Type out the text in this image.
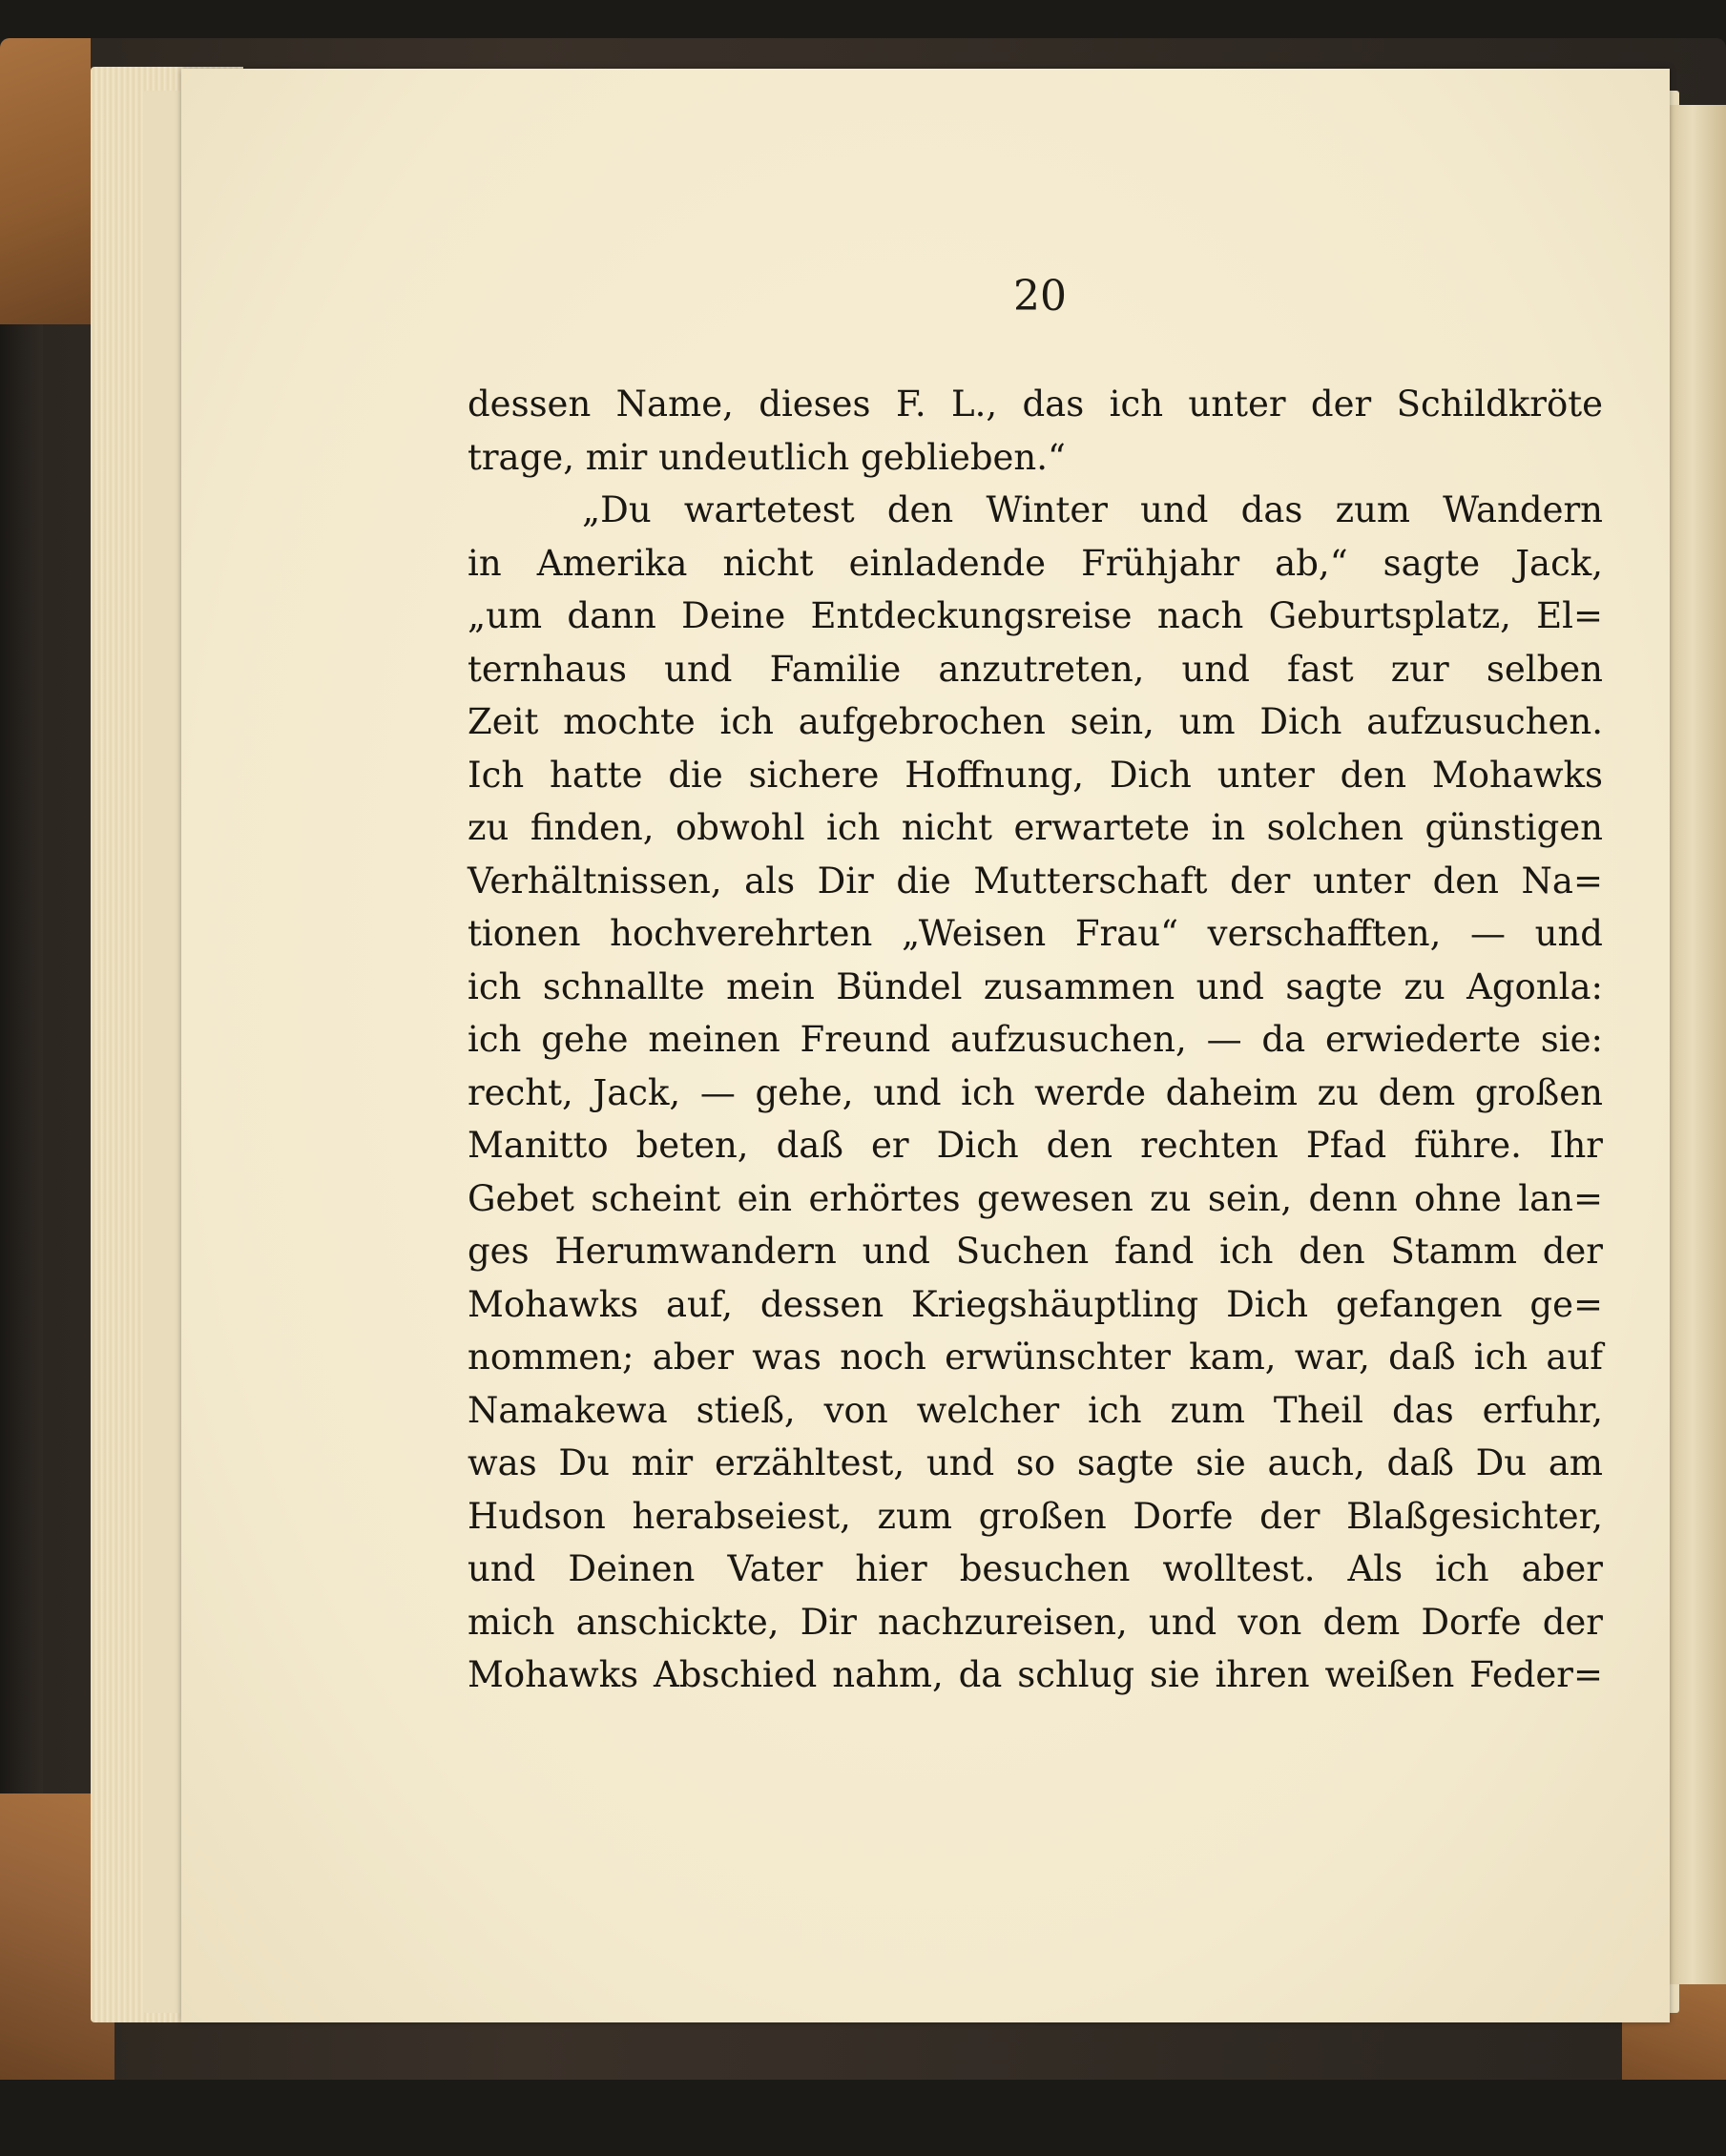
20
dessen Name, dieses F. L., das ich unter der Schildkröte
trage, mir undeutlich geblieben.“
„Du wartetest den Winter und das zum Wandern
in Amerika nicht einladende Frühjahr ab,“ sagte Jack,
„um dann Deine Entdeckungsreise nach Geburtsplatz, El=
ternhaus und Familie anzutreten, und fast zur selben
Zeit mochte ich aufgebrochen sein, um Dich aufzusuchen.
Ich hatte die sichere Hoffnung, Dich unter den Mohawks
zu finden, obwohl ich nicht erwartete in solchen günstigen
Verhältnissen, als Dir die Mutterschaft der unter den Na=
tionen hochverehrten „Weisen Frau“ verschafften, — und
ich schnallte mein Bündel zusammen und sagte zu Agonla:
ich gehe meinen Freund aufzusuchen, — da erwiederte sie:
recht, Jack, — gehe, und ich werde daheim zu dem großen
Manitto beten, daß er Dich den rechten Pfad führe. Ihr
Gebet scheint ein erhörtes gewesen zu sein, denn ohne lan=
ges Herumwandern und Suchen fand ich den Stamm der
Mohawks auf, dessen Kriegshäuptling Dich gefangen ge=
nommen; aber was noch erwünschter kam, war, daß ich auf
Namakewa stieß, von welcher ich zum Theil das erfuhr,
was Du mir erzähltest, und so sagte sie auch, daß Du am
Hudson herabseiest, zum großen Dorfe der Blaßgesichter,
und Deinen Vater hier besuchen wolltest. Als ich aber
mich anschickte, Dir nachzureisen, und von dem Dorfe der
Mohawks Abschied nahm, da schlug sie ihren weißen Feder=
